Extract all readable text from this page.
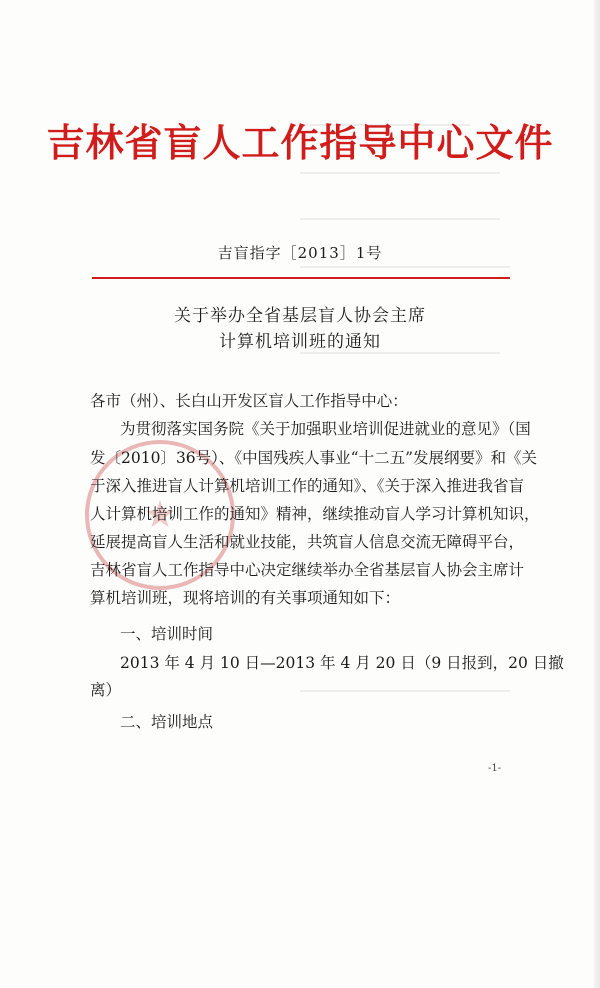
吉林省盲人工作指导中心文件
吉盲指字［2013］1号
关于举办全省基层盲人协会主席
计算机培训班的通知
各市（州）、长白山开发区盲人工作指导中心：
为贯彻落实国务院《关于加强职业培训促进就业的意见》（国
发〔2010〕36号）、《中国残疾人事业“十二五”发展纲要》和《关
于深入推进盲人计算机培训工作的通知》、《关于深入推进我省盲
人计算机培训工作的通知》精神，继续推动盲人学习计算机知识，
延展提高盲人生活和就业技能，共筑盲人信息交流无障碍平台，
吉林省盲人工作指导中心决定继续举办全省基层盲人协会主席计
算机培训班，现将培训的有关事项通知如下：
一、培训时间
2013 年 4 月 10 日—2013 年 4 月 20 日（9 日报到，20 日撤
离）
二、培训地点
-1-
